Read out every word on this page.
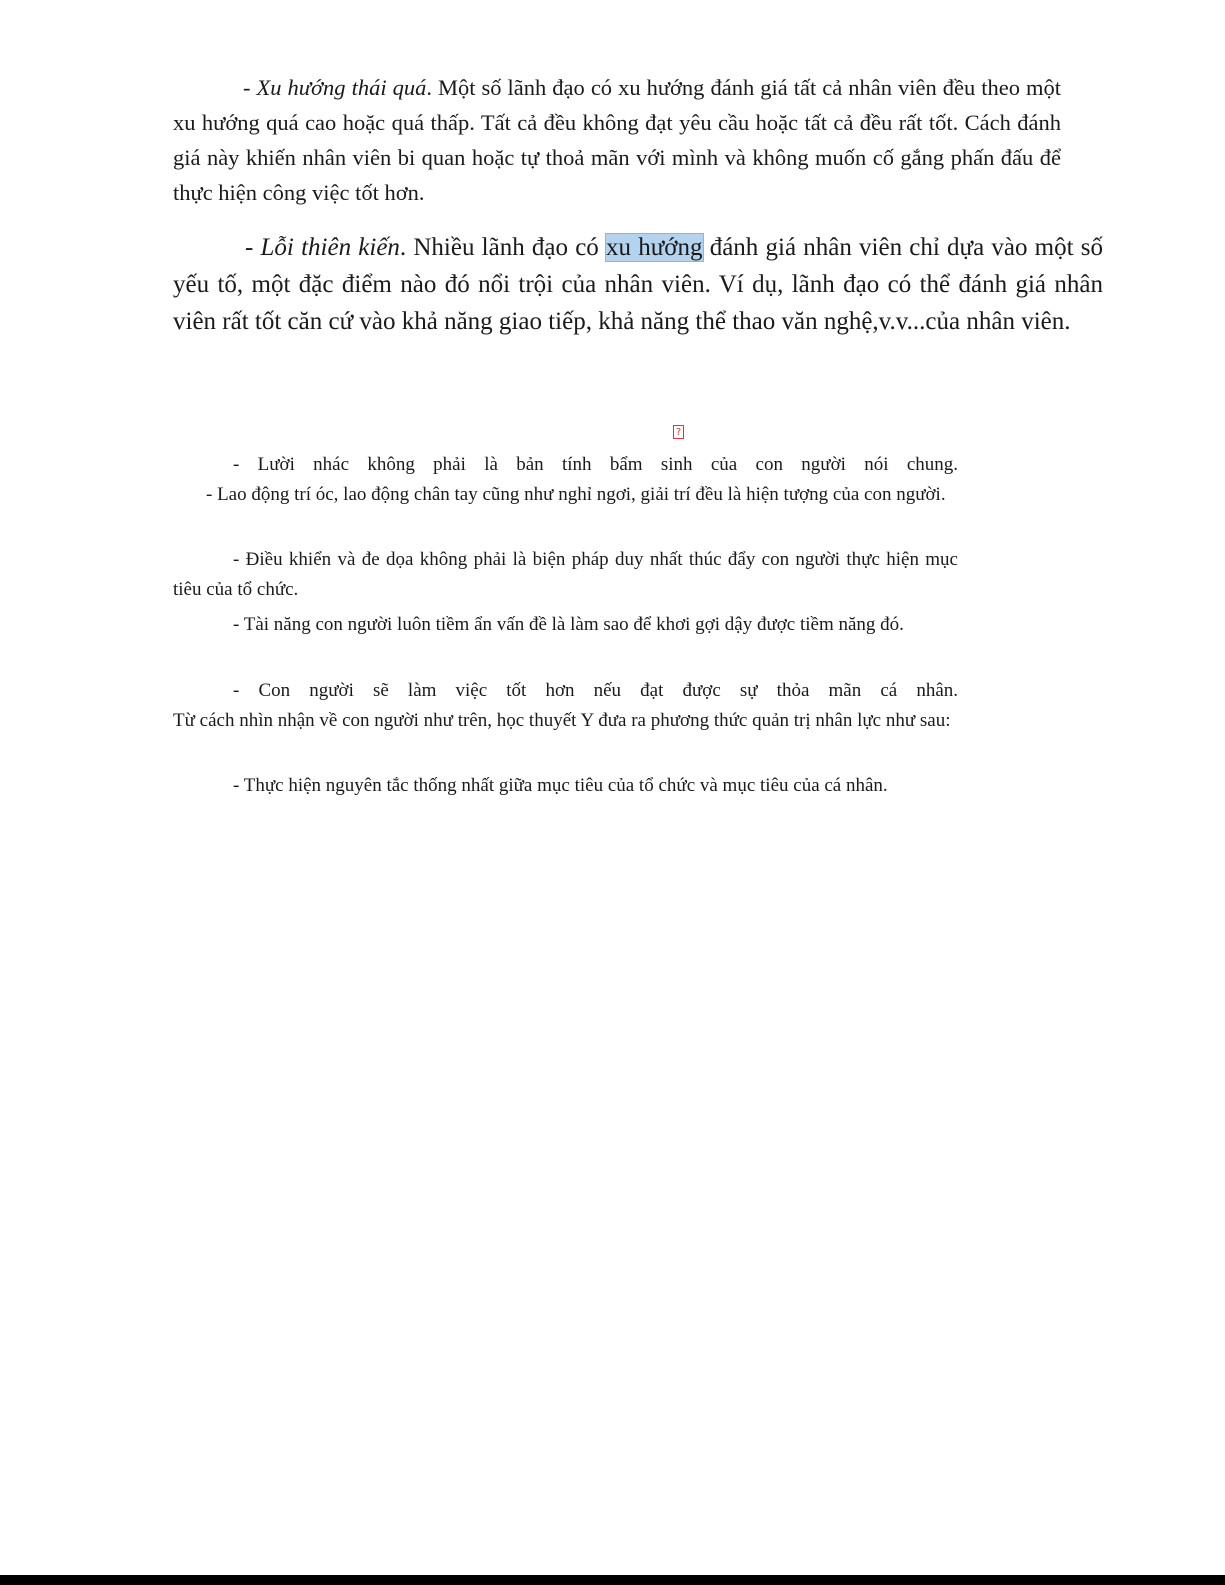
- Xu hướng thái quá. Một số lãnh đạo có xu hướng đánh giá tất cả nhân viên đều theo một xu hướng quá cao hoặc quá thấp. Tất cả đều không đạt yêu cầu hoặc tất cả đều rất tốt. Cách đánh giá này khiến nhân viên bi quan hoặc tự thoả mãn với mình và không muốn cố gắng phấn đấu để thực hiện công việc tốt hơn.

- Lỗi thiên kiến. Nhiều lãnh đạo có xu hướng đánh giá nhân viên chỉ dựa vào một số yếu tố, một đặc điểm nào đó nổi trội của nhân viên. Ví dụ, lãnh đạo có thể đánh giá nhân viên rất tốt căn cứ vào khả năng giao tiếp, khả năng thể thao văn nghệ,v.v...của nhân viên.

?

- Lười nhác không phải là bản tính bẩm sinh của con người nói chung.

- Lao động trí óc, lao động chân tay cũng như nghỉ ngơi, giải trí đều là hiện tượng của con người.

- Điều khiển và đe dọa không phải là biện pháp duy nhất thúc đẩy con người thực hiện mục tiêu của tổ chức.

- Tài năng con người luôn tiềm ẩn vấn đề là làm sao để khơi gợi dậy được tiềm năng đó.

- Con người sẽ làm việc tốt hơn nếu đạt được sự thỏa mãn cá nhân.
Từ cách nhìn nhận về con người như trên, học thuyết Y đưa ra phương thức quản trị nhân lực như sau:

- Thực hiện nguyên tắc thống nhất giữa mục tiêu của tổ chức và mục tiêu của cá nhân.
